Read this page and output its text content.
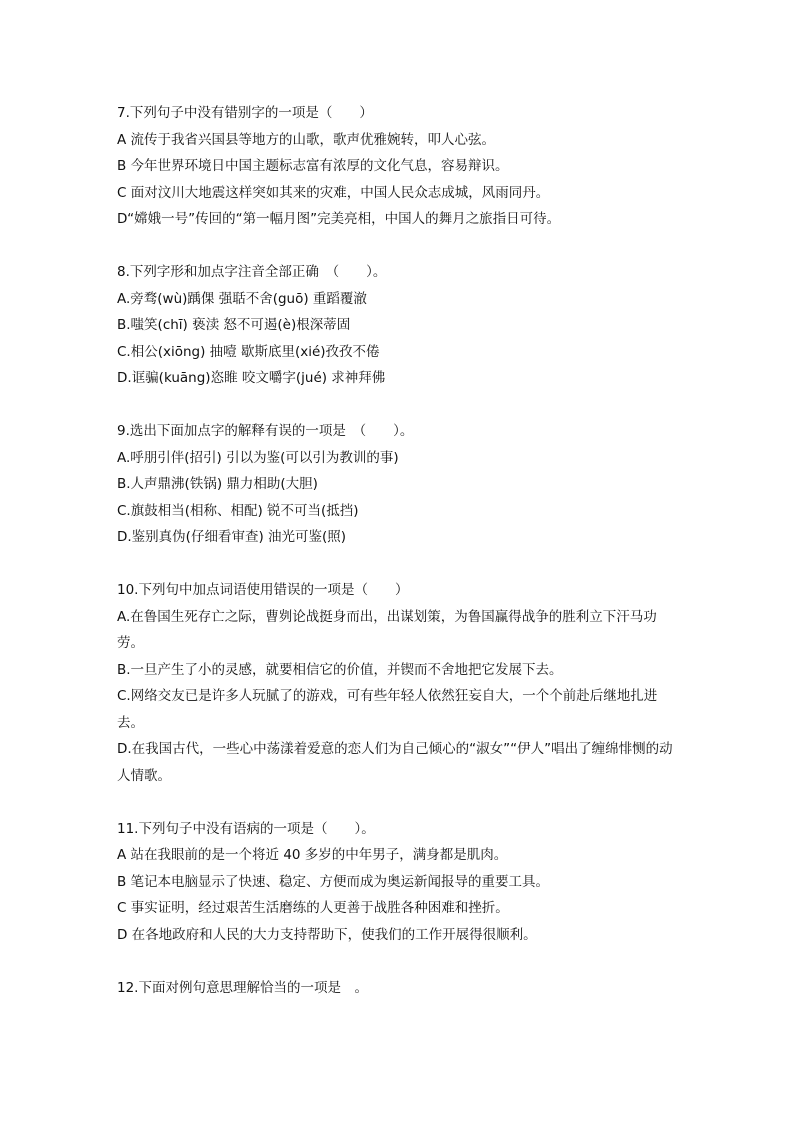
7.下列句子中没有错别字的一项是（　　）
A 流传于我省兴国县等地方的山歌，歌声优雅婉转，叩人心弦。
B 今年世界环境日中国主题标志富有浓厚的文化气息，容易辩识。
C 面对汶川大地震这样突如其来的灾难，中国人民众志成城，风雨同丹。
D“嫦娥一号”传回的“第一幅月图”完美亮相，中国人的舞月之旅指日可待。
8.下列字形和加点字注音全部正确　（　　）。
A.旁骛(wù)踽倮 强聒不舍(guō) 重蹈覆澈
B.嗤笑(chī) 亵渎 怒不可遏(è)根深蒂固
C.相公(xiōng) 抽噎 歇斯底里(xié)孜孜不倦
D.诓骗(kuāng)恣睢 咬文嚼字(jué) 求神拜佛
9.选出下面加点字的解释有误的一项是　（　　）。
A.呼朋引伴(招引) 引以为鉴(可以引为教训的事)
B.人声鼎沸(铁锅) 鼎力相助(大胆)
C.旗鼓相当(相称、相配) 锐不可当(抵挡)
D.鉴别真伪(仔细看审查) 油光可鉴(照)
10.下列句中加点词语使用错误的一项是（　　）
A.在鲁国生死存亡之际，曹刿论战挺身而出，出谋划策，为鲁国赢得战争的胜利立下汗马功劳。
B.一旦产生了小的灵感，就要相信它的价值，并锲而不舍地把它发展下去。
C.网络交友已是许多人玩腻了的游戏，可有些年轻人依然狂妄自大，一个个前赴后继地扎进去。
D.在我国古代，一些心中荡漾着爱意的恋人们为自己倾心的“淑女”“伊人”唱出了缠绵悱恻的动人情歌。
11.下列句子中没有语病的一项是（　　）。
A 站在我眼前的是一个将近 40 多岁的中年男子，满身都是肌肉。
B 笔记本电脑显示了快速、稳定、方便而成为奥运新闻报导的重要工具。
C 事实证明，经过艰苦生活磨练的人更善于战胜各种困难和挫折。
D 在各地政府和人民的大力支持帮助下，使我们的工作开展得很顺利。
12.下面对例句意思理解恰当的一项是　。
